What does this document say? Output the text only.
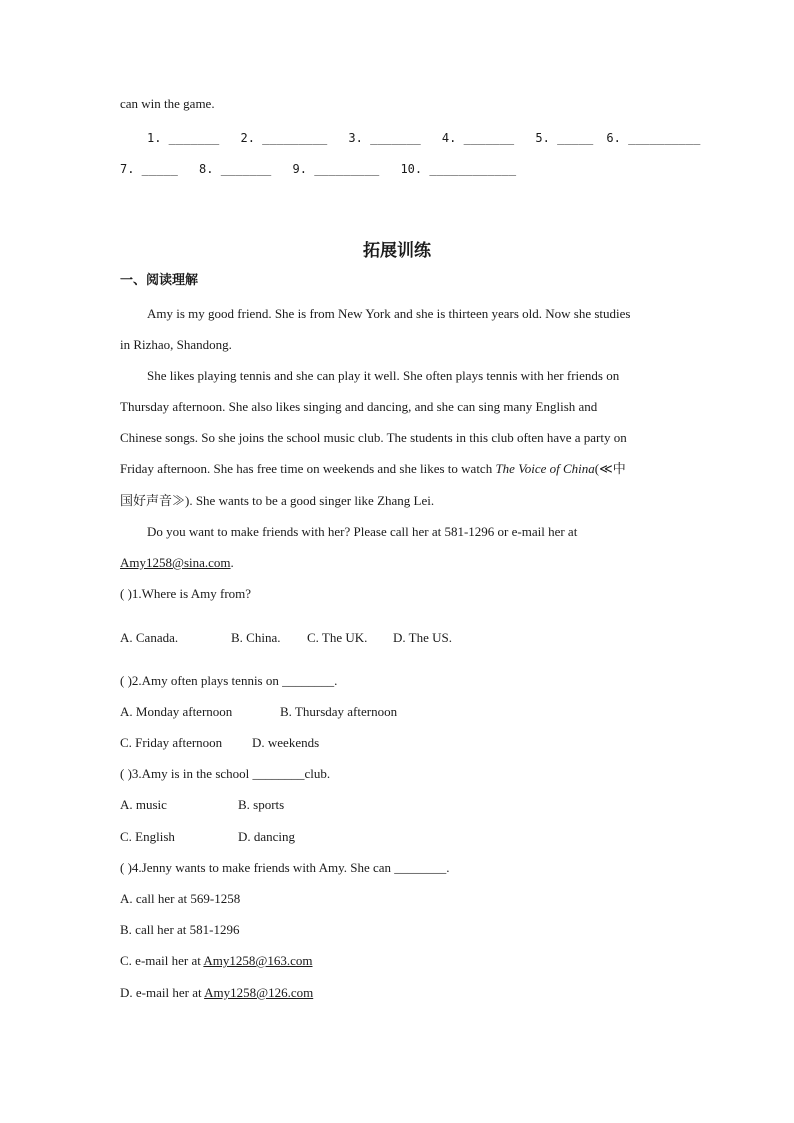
can win the game.
1. _______ 2. _________ 3. _______ 4. _______ 5. _____ 6. __________
7. _____ 8. _______ 9. _________ 10. ____________
拓展训练
一、阅读理解
Amy is my good friend. She is from New York and she is thirteen years old. Now she studies
in Rizhao, Shandong.
She likes playing tennis and she can play it well. She often plays tennis with her friends on
Thursday afternoon. She also likes singing and dancing, and she can sing many English and
Chinese songs. So she joins the school music club. The students in this club often have a party on
Friday afternoon. She has free time on weekends and she likes to watch The Voice of China(≪中
国好声音≫). She wants to be a good singer like Zhang Lei.
Do you want to make friends with her? Please call her at 581-1296 or e-mail her at
Amy1258@sina.com.
( )1.Where is Amy from?
A. Canada.	B. China. C. The UK. D. The US.
( )2.Amy often plays tennis on ________.
A. Monday afternoon	B. Thursday afternoon
C. Friday afternoon D. weekends
( )3.Amy is in the school ________club.
A. music	B. sports
C. English	D. dancing
( )4.Jenny wants to make friends with Amy. She can ________.
A. call her at 569-1258
B. call her at 581-1296
C. e-mail her at Amy1258@163.com
D. e-mail her at Amy1258@126.com
